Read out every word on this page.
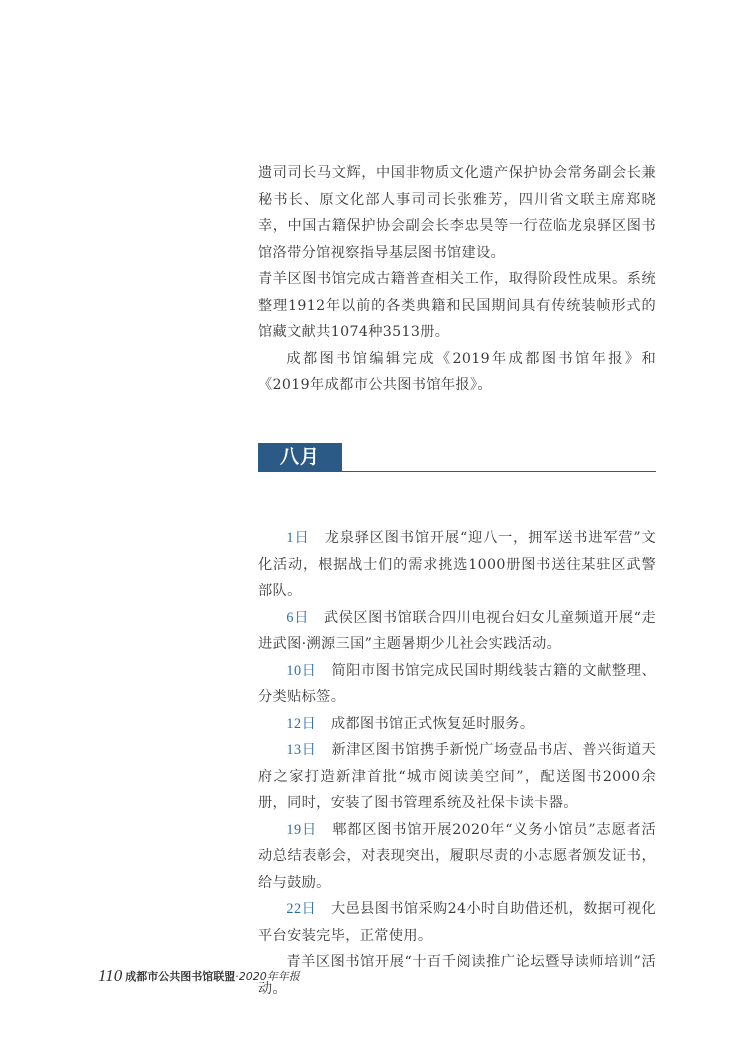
遗司司长马文辉，中国非物质文化遗产保护协会常务副会长兼秘书长、原文化部人事司司长张雅芳，四川省文联主席郑晓幸，中国古籍保护协会副会长李忠昊等一行莅临龙泉驿区图书馆洛带分馆视察指导基层图书馆建设。

青羊区图书馆完成古籍普查相关工作，取得阶段性成果。系统整理1912年以前的各类典籍和民国期间具有传统装帧形式的馆藏文献共1074种3513册。

成都图书馆编辑完成《2019年成都图书馆年报》和《2019年成都市公共图书馆年报》。

八月

1日　 龙泉驿区图书馆开展“迎八一，拥军送书进军营”文化活动，根据战士们的需求挑选1000册图书送往某驻区武警部队。

6日　 武侯区图书馆联合四川电视台妇女儿童频道开展“走进武图·溯源三国”主题暑期少儿社会实践活动。

10日　 简阳市图书馆完成民国时期线装古籍的文献整理、分类贴标签。

12日　 成都图书馆正式恢复延时服务。

13日　 新津区图书馆携手新悦广场壹品书店、普兴街道天府之家打造新津首批“城市阅读美空间”，配送图书2000余册，同时，安装了图书管理系统及社保卡读卡器。

19日　 郫都区图书馆开展2020年“义务小馆员”志愿者活动总结表彰会，对表现突出，履职尽责的小志愿者颁发证书，给与鼓励。

22日　 大邑县图书馆采购24小时自助借还机，数据可视化平台安装完毕，正常使用。

青羊区图书馆开展“十百千阅读推广论坛暨导读师培训”活动。

110 成都市公共图书馆联盟·2020年年报
